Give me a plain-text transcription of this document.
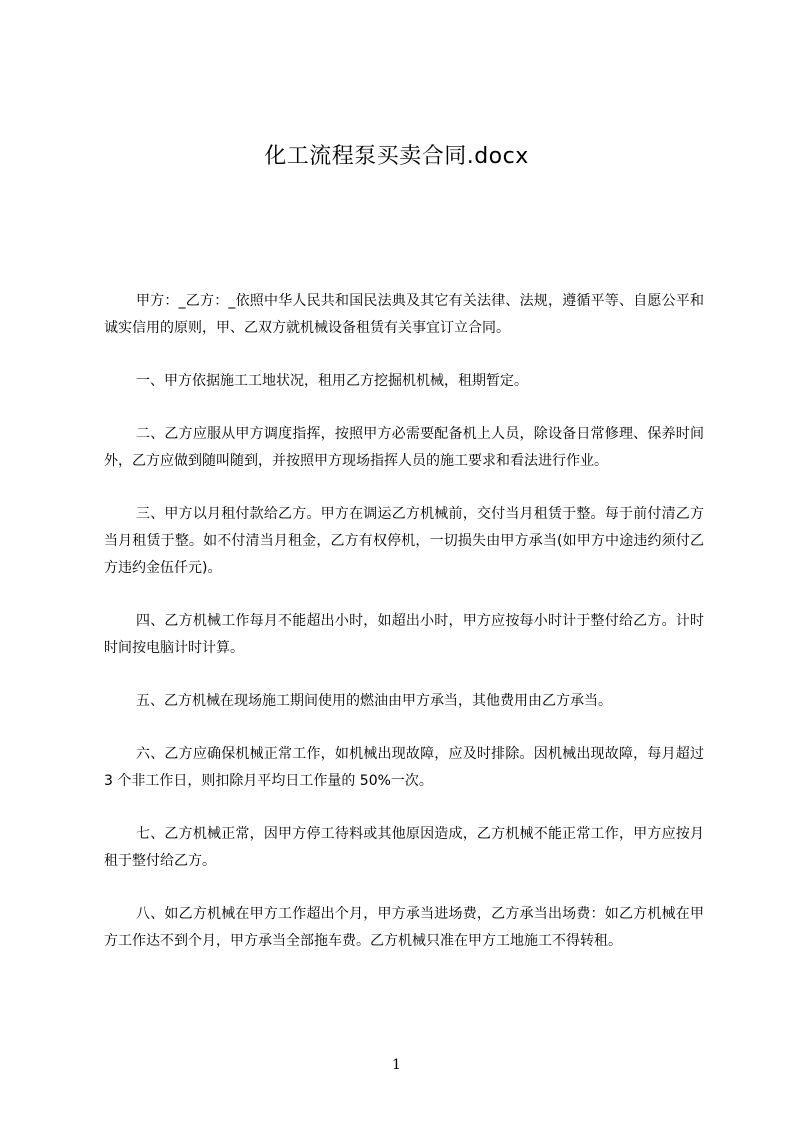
化工流程泵买卖合同.docx

甲方：_乙方：_依照中华人民共和国民法典及其它有关法律、法规，遵循平等、自愿公平和诚实信用的原则，甲、乙双方就机械设备租赁有关事宜订立合同。

一、甲方依据施工工地状况，租用乙方挖掘机机械，租期暂定。

二、乙方应服从甲方调度指挥，按照甲方必需要配备机上人员，除设备日常修理、保养时间外，乙方应做到随叫随到，并按照甲方现场指挥人员的施工要求和看法进行作业。

三、甲方以月租付款给乙方。甲方在调运乙方机械前，交付当月租赁于整。每于前付清乙方当月租赁于整。如不付清当月租金，乙方有权停机，一切损失由甲方承当(如甲方中途违约须付乙方违约金伍仟元)。

四、乙方机械工作每月不能超出小时，如超出小时，甲方应按每小时计于整付给乙方。计时时间按电脑计时计算。

五、乙方机械在现场施工期间使用的燃油由甲方承当，其他费用由乙方承当。

六、乙方应确保机械正常工作，如机械出现故障，应及时排除。因机械出现故障，每月超过 3 个非工作日，则扣除月平均日工作量的 50%一次。

七、乙方机械正常，因甲方停工待料或其他原因造成，乙方机械不能正常工作，甲方应按月租于整付给乙方。

八、如乙方机械在甲方工作超出个月，甲方承当进场费，乙方承当出场费：如乙方机械在甲方工作达不到个月，甲方承当全部拖车费。乙方机械只准在甲方工地施工不得转租。

1
